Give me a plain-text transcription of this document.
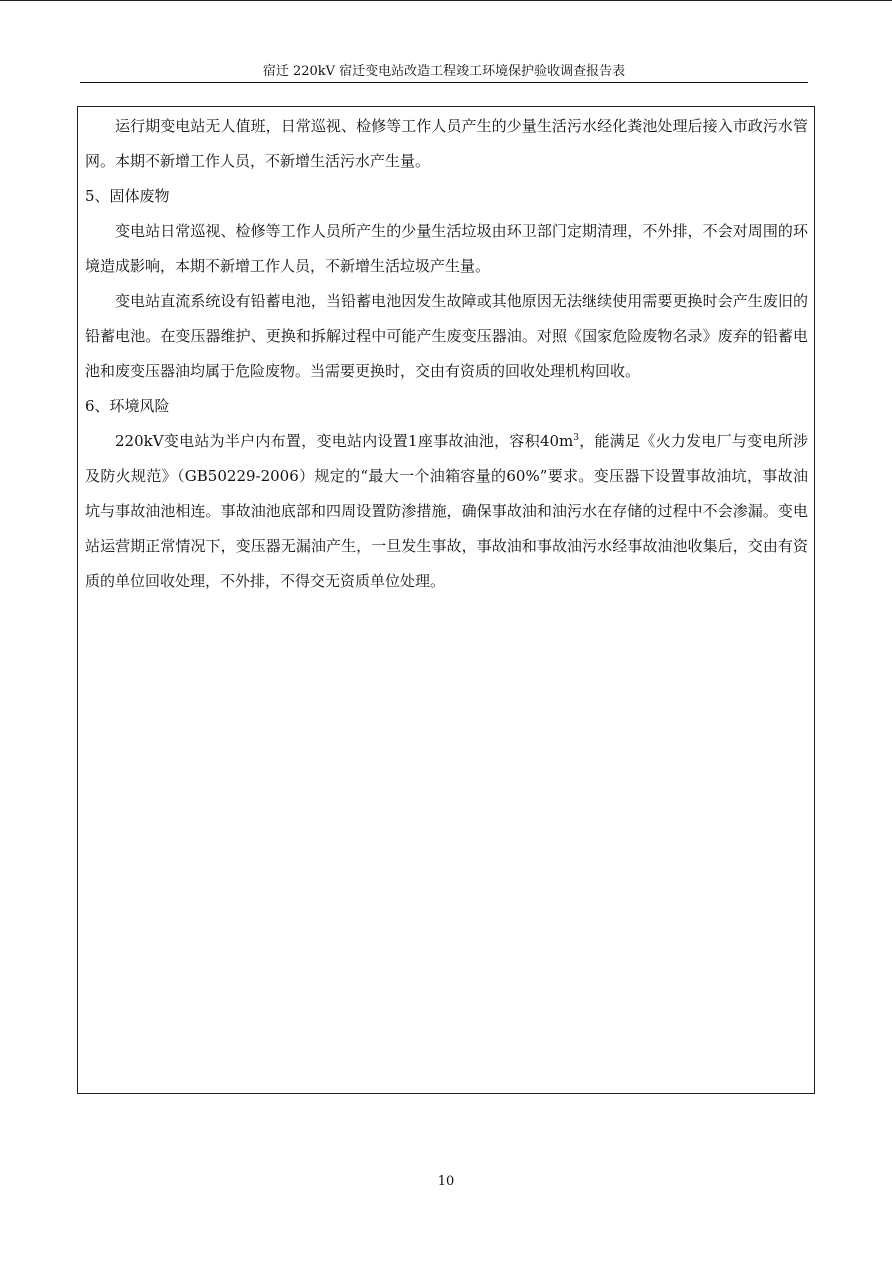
宿迁 220kV 宿迁变电站改造工程竣工环境保护验收调查报告表

运行期变电站无人值班，日常巡视、检修等工作人员产生的少量生活污水经化粪池处理后接入市政污水管网。本期不新增工作人员，不新增生活污水产生量。

5、固体废物

变电站日常巡视、检修等工作人员所产生的少量生活垃圾由环卫部门定期清理，不外排，不会对周围的环境造成影响，本期不新增工作人员，不新增生活垃圾产生量。

变电站直流系统设有铅蓄电池，当铅蓄电池因发生故障或其他原因无法继续使用需要更换时会产生废旧的铅蓄电池。在变压器维护、更换和拆解过程中可能产生废变压器油。对照《国家危险废物名录》废弃的铅蓄电池和废变压器油均属于危险废物。当需要更换时，交由有资质的回收处理机构回收。

6、环境风险

220kV变电站为半户内布置，变电站内设置1座事故油池，容积$40m^3$，能满足《火力发电厂与变电所涉及防火规范》（GB50229-2006）规定的“最大一个油箱容量的60%”要求。变压器下设置事故油坑，事故油坑与事故油池相连。事故油池底部和四周设置防渗措施，确保事故油和油污水在存储的过程中不会渗漏。变电站运营期正常情况下，变压器无漏油产生，一旦发生事故，事故油和事故油污水经事故油池收集后，交由有资质的单位回收处理，不外排，不得交无资质单位处理。

10
